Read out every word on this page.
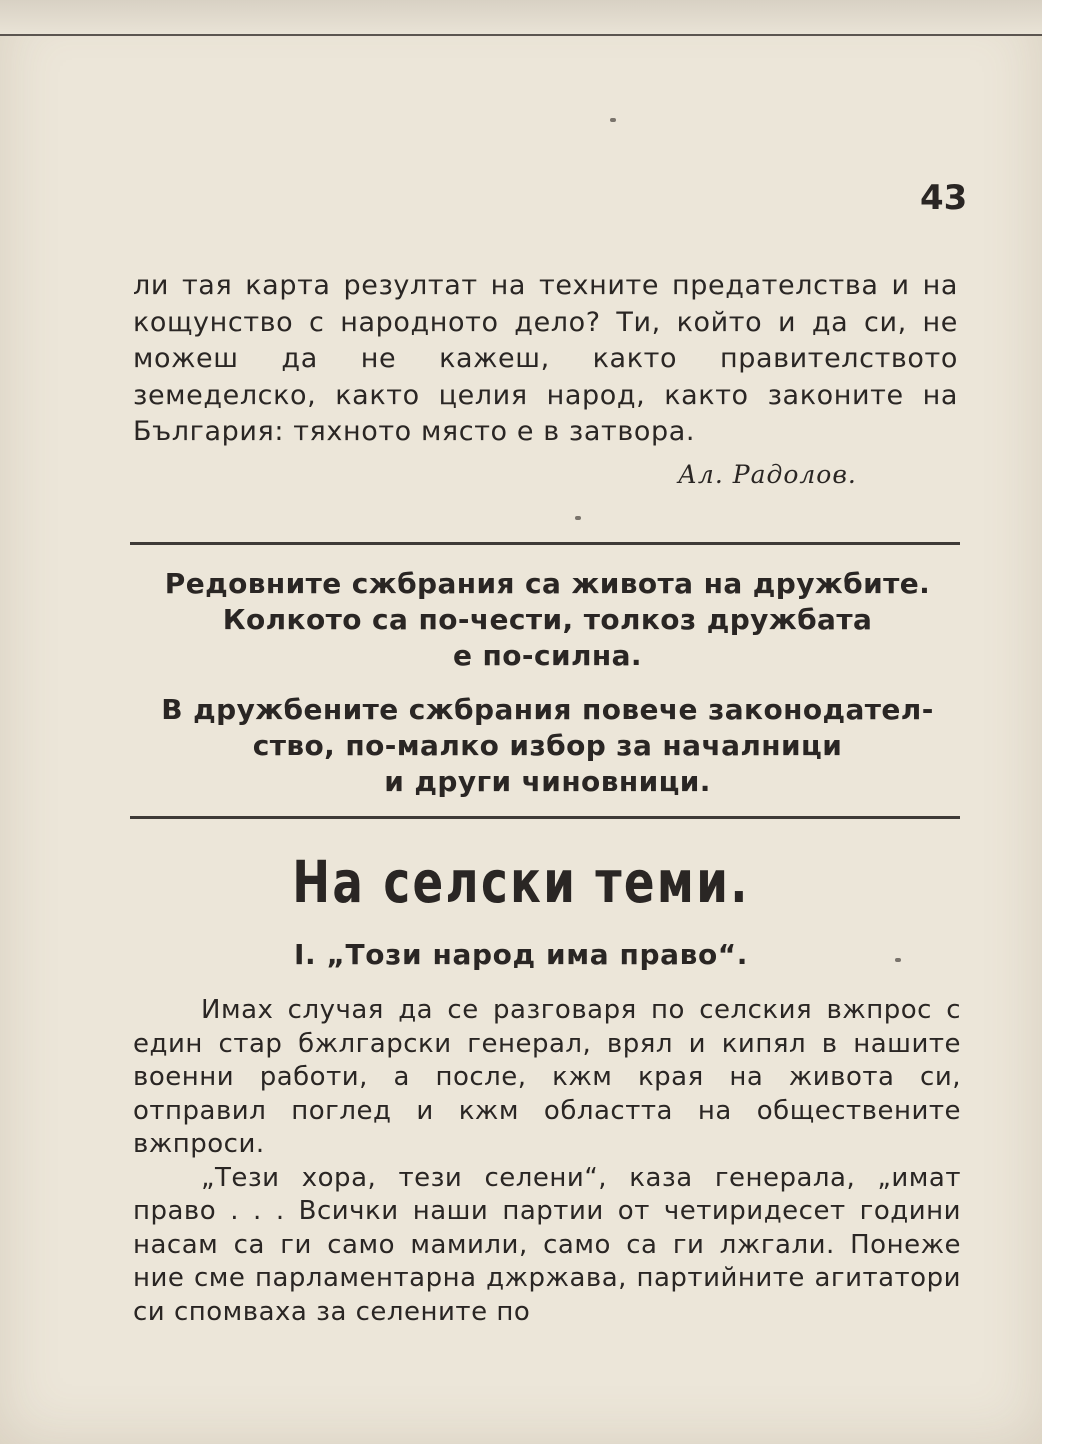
43

ли тая карта резултат на техните предателства и на кощунство с народното дело? Ти, който и да си, не можеш да не кажеш, както правителството земеделско, както целия народ, както законите на България: тяхното място е в затвора.

Ал. Радолов.

Редовните сжбрания са живота на дружбите.

Колкото са по-чести, толкоз дружбата

е по-силна.

В дружбените сжбрания повече законодател-

ство, по-малко избор за началници

и други чиновници.

На селски теми.
I. „Този народ има право“.

Имах случая да се разговаря по селския вжпрос с един стар бжлгарски генерал, врял и кипял в нашите военни работи, а после, кжм края на живота си, отправил поглед и кжм областта на обществените вжпроси.

„Тези хора, тези селени“, каза генерала, „имат право . . . Всички наши партии от четиридесет години насам са ги само мамили, само са ги лжгали. Понеже ние сме парламентарна джржава, партийните агитатори си спомваха за селените по
